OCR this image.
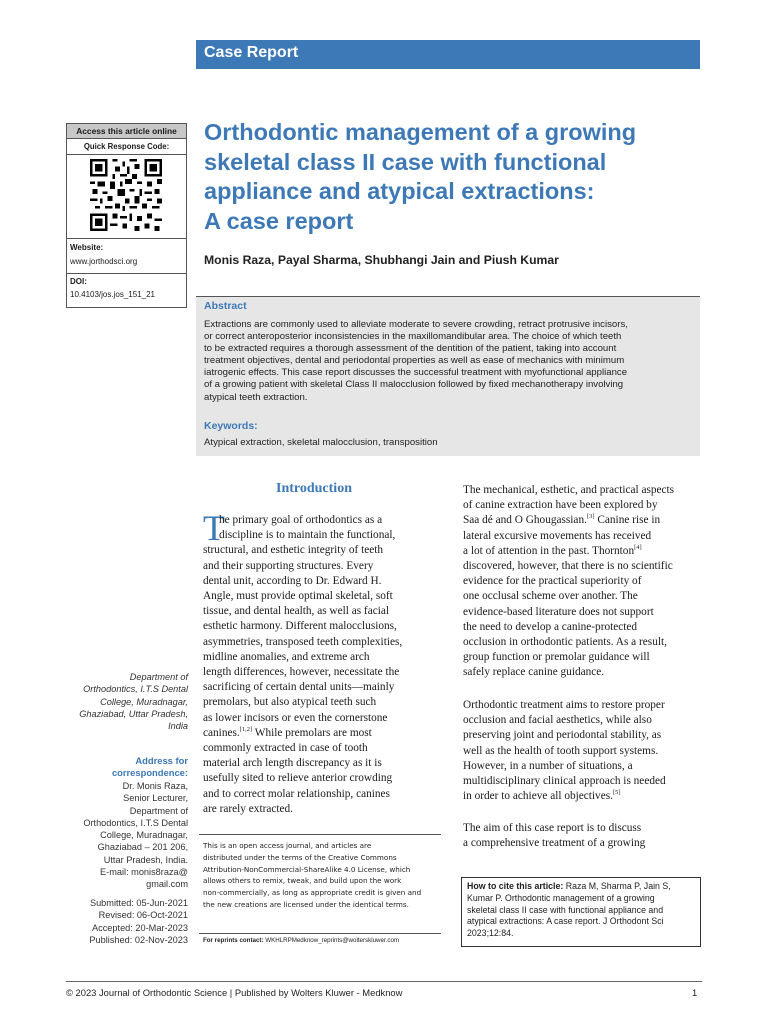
Case Report
Access this article online
Quick Response Code:
Website:
www.jorthodsci.org
DOI:
10.4103/jos.jos_151_21
Orthodontic management of a growing
skeletal class II case with functional
appliance and atypical extractions:
A case report
Monis Raza, Payal Sharma, Shubhangi Jain and Piush Kumar
Abstract
Extractions are commonly used to alleviate moderate to severe crowding, retract protrusive incisors,
or correct anteroposterior inconsistencies in the maxillomandibular area. The choice of which teeth
to be extracted requires a thorough assessment of the dentition of the patient, taking into account
treatment objectives, dental and periodontal properties as well as ease of mechanics with minimum
iatrogenic effects. This case report discusses the successful treatment with myofunctional appliance
of a growing patient with skeletal Class II malocclusion followed by fixed mechanotherapy involving
atypical teeth extraction.
Keywords:
Atypical extraction, skeletal malocclusion, transposition
Department of
Orthodontics, I.T.S Dental
College, Muradnagar,
Ghaziabad, Uttar Pradesh,
India
Address for
correspondence:
Dr. Monis Raza,
Senior Lecturer,
Department of
Orthodontics, I.T.S Dental
College, Muradnagar,
Ghaziabad – 201 206,
Uttar Pradesh, India.
E-mail: monis8raza@
gmail.com
Submitted: 05-Jun-2021
Revised: 06-Oct-2021
Accepted: 20-Mar-2023
Published: 02-Nov-2023
Introduction
T
he primary goal of orthodontics as a
discipline is to maintain the functional,
structural, and esthetic integrity of teeth
and their supporting structures. Every
dental unit, according to Dr. Edward H.
Angle, must provide optimal skeletal, soft
tissue, and dental health, as well as facial
esthetic harmony. Different malocclusions,
asymmetries, transposed teeth complexities,
midline anomalies, and extreme arch
length differences, however, necessitate the
sacrificing of certain dental units—mainly
premolars, but also atypical teeth such
as lower incisors or even the cornerstone
canines.[1,2] While premolars are most
commonly extracted in case of tooth
material arch length discrepancy as it is
usefully sited to relieve anterior crowding
and to correct molar relationship, canines
are rarely extracted.
This is an open access journal, and articles are
distributed under the terms of the Creative Commons
Attribution-NonCommercial-ShareAlike 4.0 License, which
allows others to remix, tweak, and build upon the work
non-commercially, as long as appropriate credit is given and
the new creations are licensed under the identical terms.
For reprints contact: WKHLRPMedknow_reprints@wolterskluwer.com
The mechanical, esthetic, and practical aspects
of canine extraction have been explored by
Saa dé and O Ghougassian.[3] Canine rise in
lateral excursive movements has received
a lot of attention in the past. Thornton[4]
discovered, however, that there is no scientific
evidence for the practical superiority of
one occlusal scheme over another. The
evidence-based literature does not support
the need to develop a canine-protected
occlusion in orthodontic patients. As a result,
group function or premolar guidance will
safely replace canine guidance.
Orthodontic treatment aims to restore proper
occlusion and facial aesthetics, while also
preserving joint and periodontal stability, as
well as the health of tooth support systems.
However, in a number of situations, a
multidisciplinary clinical approach is needed
in order to achieve all objectives.[5]
The aim of this case report is to discuss
a comprehensive treatment of a growing
How to cite this article: Raza M, Sharma P, Jain S,
Kumar P. Orthodontic management of a growing
skeletal class II case with functional appliance and
atypical extractions: A case report. J Orthodont Sci
2023;12:84.
© 2023 Journal of Orthodontic Science | Published by Wolters Kluwer - Medknow	1
